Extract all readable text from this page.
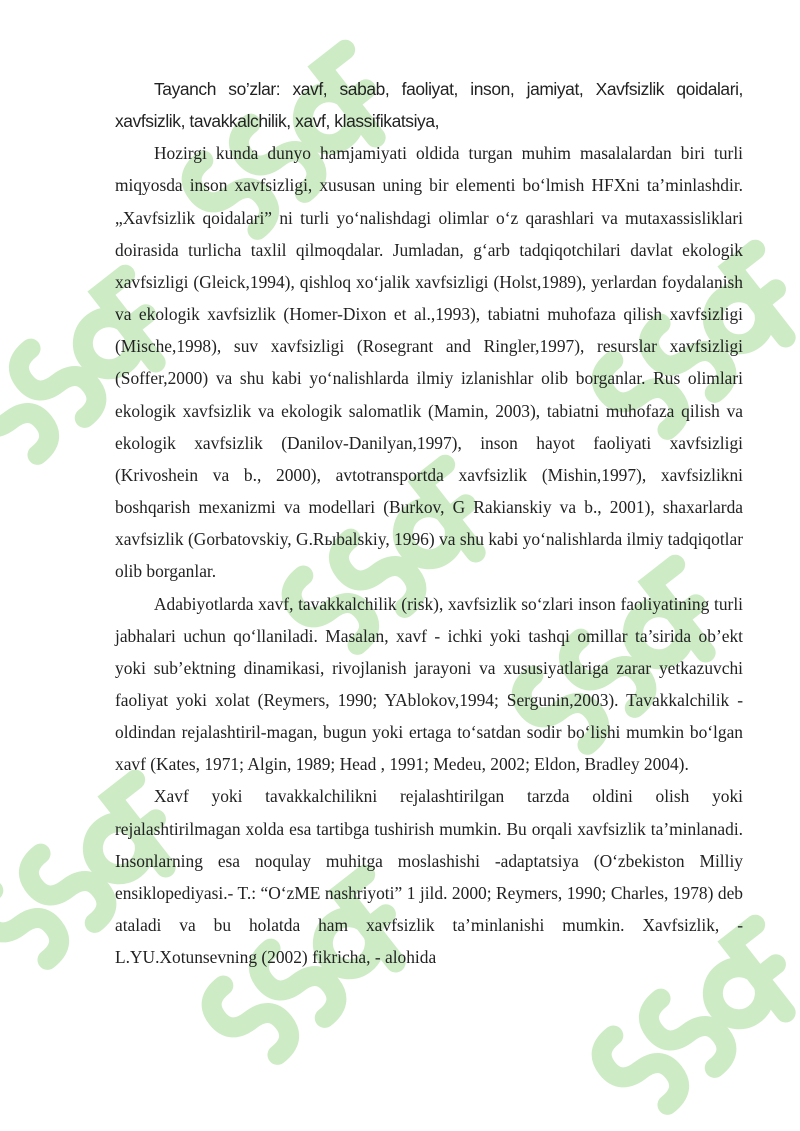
Tayanch so’zlar: xavf, sabab, faoliyat, inson, jamiyat, Xavfsizlik qoidalari, xavfsizlik, tavakkalchilik, xavf, klassifikatsiya,

Hozirgi kunda dunyo hamjamiyati oldida turgan muhim masalalardan biri turli miqyosda inson xavfsizligi, xususan uning bir elementi bo‘lmish HFXni ta’minlashdir. „Xavfsizlik qoidalari” ni turli yo‘nalishdagi olimlar o‘z qarashlari va mutaxassisliklari doirasida turlicha taxlil qilmoqdalar. Jumladan, g‘arb tadqiqotchilari davlat ekologik xavfsizligi (Gleick,1994), qishloq xo‘jalik xavfsizligi (Holst,1989), yerlardan foydalanish va ekologik xavfsizlik (Homer-Dixon et al.,1993), tabiatni muhofaza qilish xavfsizligi (Mische,1998), suv xavfsizligi (Rosegrant and Ringler,1997), resurslar xavfsizligi (Soffer,2000) va shu kabi yo‘nalishlarda ilmiy izlanishlar olib borganlar. Rus olimlari ekologik xavfsizlik va ekologik salomatlik (Mamin, 2003), tabiatni muhofaza qilish va ekologik xavfsizlik (Danilov-Danilyan,1997), inson hayot faoliyati xavfsizligi (Krivoshein va b., 2000), avtotransportda xavfsizlik (Mishin,1997), xavfsizlikni boshqarish mexanizmi va modellari (Burkov, G Rakianskiy va b., 2001), shaxarlarda xavfsizlik (Gorbatovskiy, G.Rыbalskiy, 1996) va shu kabi yo‘nalishlarda ilmiy tadqiqotlar olib borganlar.

Adabiyotlarda xavf, tavakkalchilik (risk), xavfsizlik so‘zlari inson faoliyatining turli jabhalari uchun qo‘llaniladi. Masalan, xavf - ichki yoki tashqi omillar ta’sirida ob’ekt yoki sub’ektning dinamikasi, rivojlanish jarayoni va xususiyatlariga zarar yetkazuvchi faoliyat yoki xolat (Reymers, 1990; YAblokov,1994; Sergunin,2003). Tavakkalchilik - oldindan rejalashtiril-magan, bugun yoki ertaga to‘satdan sodir bo‘lishi mumkin bo‘lgan xavf (Kates, 1971; Algin, 1989; Head , 1991; Medeu, 2002; Eldon, Bradley 2004).

Xavf yoki tavakkalchilikni rejalashtirilgan tarzda oldini olish yoki rejalashtirilmagan xolda esa tartibga tushirish mumkin. Bu orqali xavfsizlik ta’minlanadi. Insonlarning esa noqulay muhitga moslashishi -adaptatsiya (O‘zbekiston Milliy ensiklopediyasi.- T.: “O‘zME nashriyoti” 1 jild. 2000; Reymers, 1990; Charles, 1978) deb ataladi va bu holatda ham xavfsizlik ta’minlanishi mumkin. Xavfsizlik, - L.YU.Xotunsevning (2002) fikricha, - alohida
